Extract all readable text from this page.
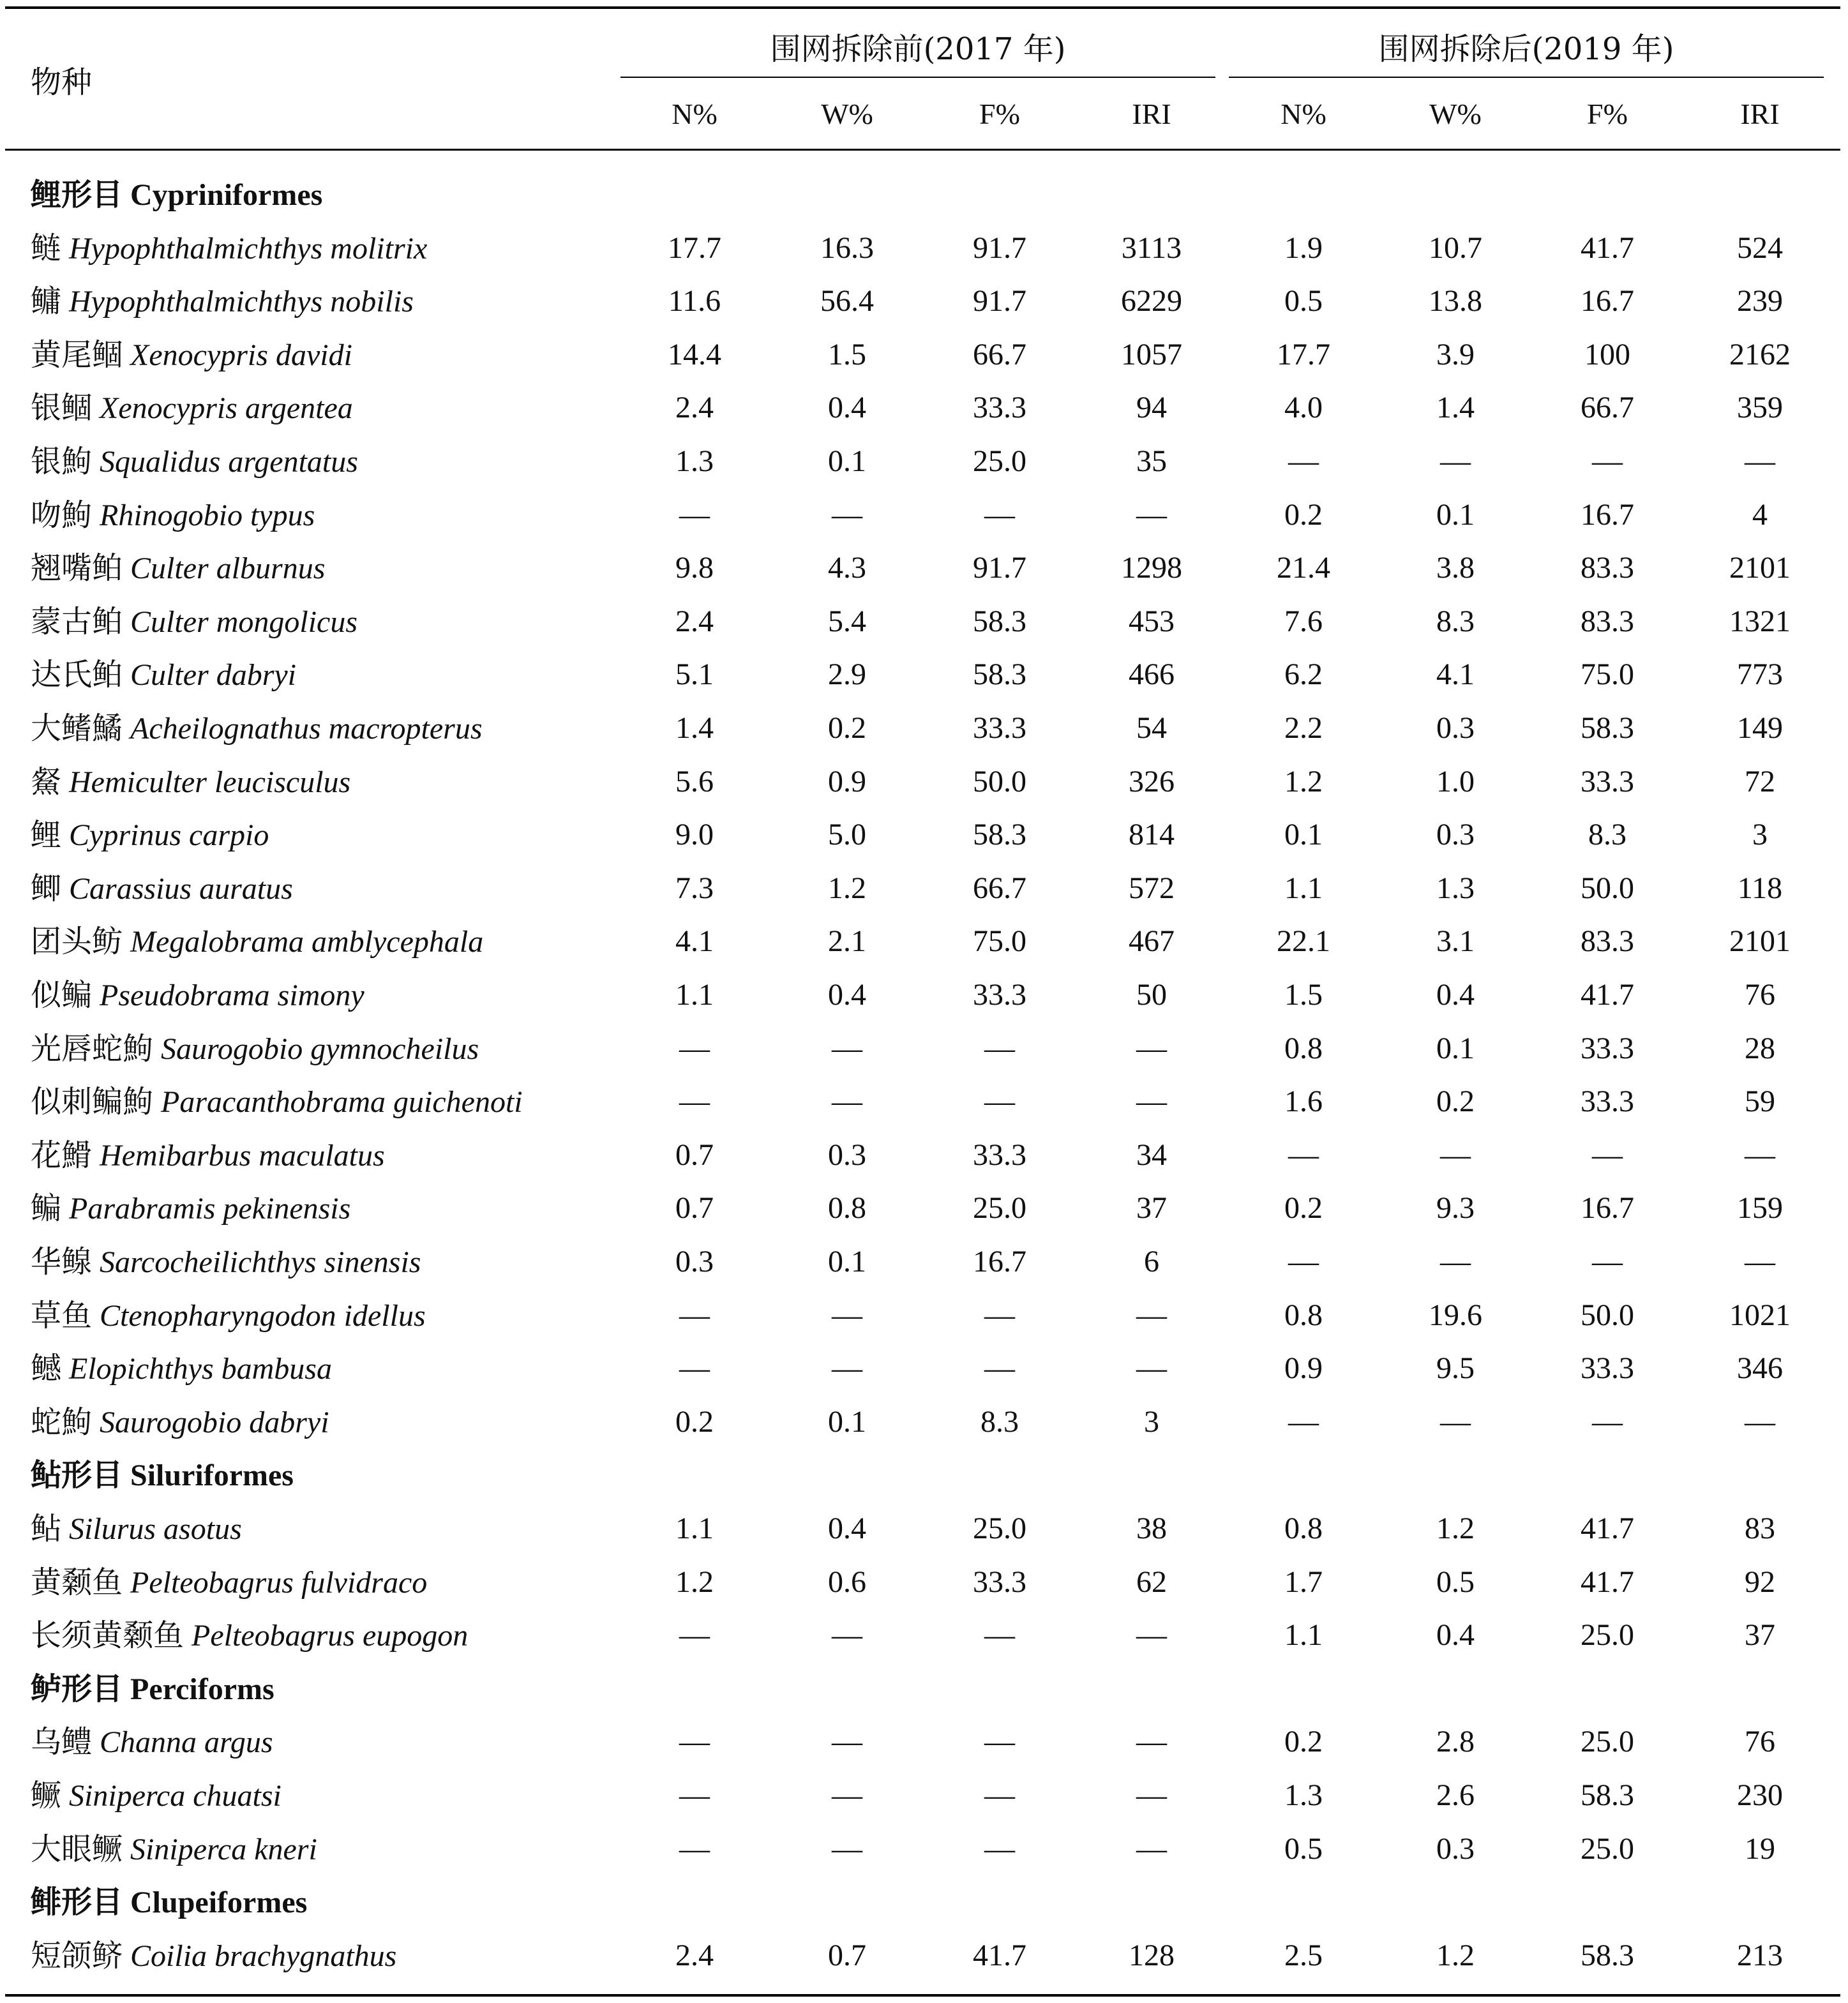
物种
围网拆除前(2017 年)	围网拆除后(2019 年)
N%	W%	F%	IRI	N%	W%	F%	IRI
鲤形目 Cypriniformes
鲢 Hypophthalmichthys molitrix	17.7	16.3	91.7	3113	1.9	10.7	41.7	524
鳙 Hypophthalmichthys nobilis	11.6	56.4	91.7	6229	0.5	13.8	16.7	239
黄尾鲴 Xenocypris davidi	14.4	1.5	66.7	1057	17.7	3.9	100	2162
银鲴 Xenocypris argentea	2.4	0.4	33.3	94	4.0	1.4	66.7	359
银鮈 Squalidus argentatus	1.3	0.1	25.0	35	—	—	—	—
吻鮈 Rhinogobio typus	—	—	—	—	0.2	0.1	16.7	4
翘嘴鲌 Culter alburnus	9.8	4.3	91.7	1298	21.4	3.8	83.3	2101
蒙古鲌 Culter mongolicus	2.4	5.4	58.3	453	7.6	8.3	83.3	1321
达氏鲌 Culter dabryi	5.1	2.9	58.3	466	6.2	4.1	75.0	773
大鳍鱊 Acheilognathus macropterus	1.4	0.2	33.3	54	2.2	0.3	58.3	149
䱗 Hemiculter leucisculus	5.6	0.9	50.0	326	1.2	1.0	33.3	72
鲤 Cyprinus carpio	9.0	5.0	58.3	814	0.1	0.3	8.3	3
鲫 Carassius auratus	7.3	1.2	66.7	572	1.1	1.3	50.0	118
团头鲂 Megalobrama amblycephala	4.1	2.1	75.0	467	22.1	3.1	83.3	2101
似鳊 Pseudobrama simony	1.1	0.4	33.3	50	1.5	0.4	41.7	76
光唇蛇鮈 Saurogobio gymnocheilus	—	—	—	—	0.8	0.1	33.3	28
似刺鳊鮈 Paracanthobrama guichenoti	—	—	—	—	1.6	0.2	33.3	59
花䱻 Hemibarbus maculatus	0.7	0.3	33.3	34	—	—	—	—
鳊 Parabramis pekinensis	0.7	0.8	25.0	37	0.2	9.3	16.7	159
华鳈 Sarcocheilichthys sinensis	0.3	0.1	16.7	6	—	—	—	—
草鱼 Ctenopharyngodon idellus	—	—	—	—	0.8	19.6	50.0	1021
鳡 Elopichthys bambusa	—	—	—	—	0.9	9.5	33.3	346
蛇鮈 Saurogobio dabryi	0.2	0.1	8.3	3	—	—	—	—
鲇形目 Siluriformes
鲇 Silurus asotus	1.1	0.4	25.0	38	0.8	1.2	41.7	83
黄颡鱼 Pelteobagrus fulvidraco	1.2	0.6	33.3	62	1.7	0.5	41.7	92
长须黄颡鱼 Pelteobagrus eupogon	—	—	—	—	1.1	0.4	25.0	37
鲈形目 Perciforms
乌鳢 Channa argus	—	—	—	—	0.2	2.8	25.0	76
鳜 Siniperca chuatsi	—	—	—	—	1.3	2.6	58.3	230
大眼鳜 Siniperca kneri	—	—	—	—	0.5	0.3	25.0	19
鲱形目 Clupeiformes
短颌鲚 Coilia brachygnathus	2.4	0.7	41.7	128	2.5	1.2	58.3	213
